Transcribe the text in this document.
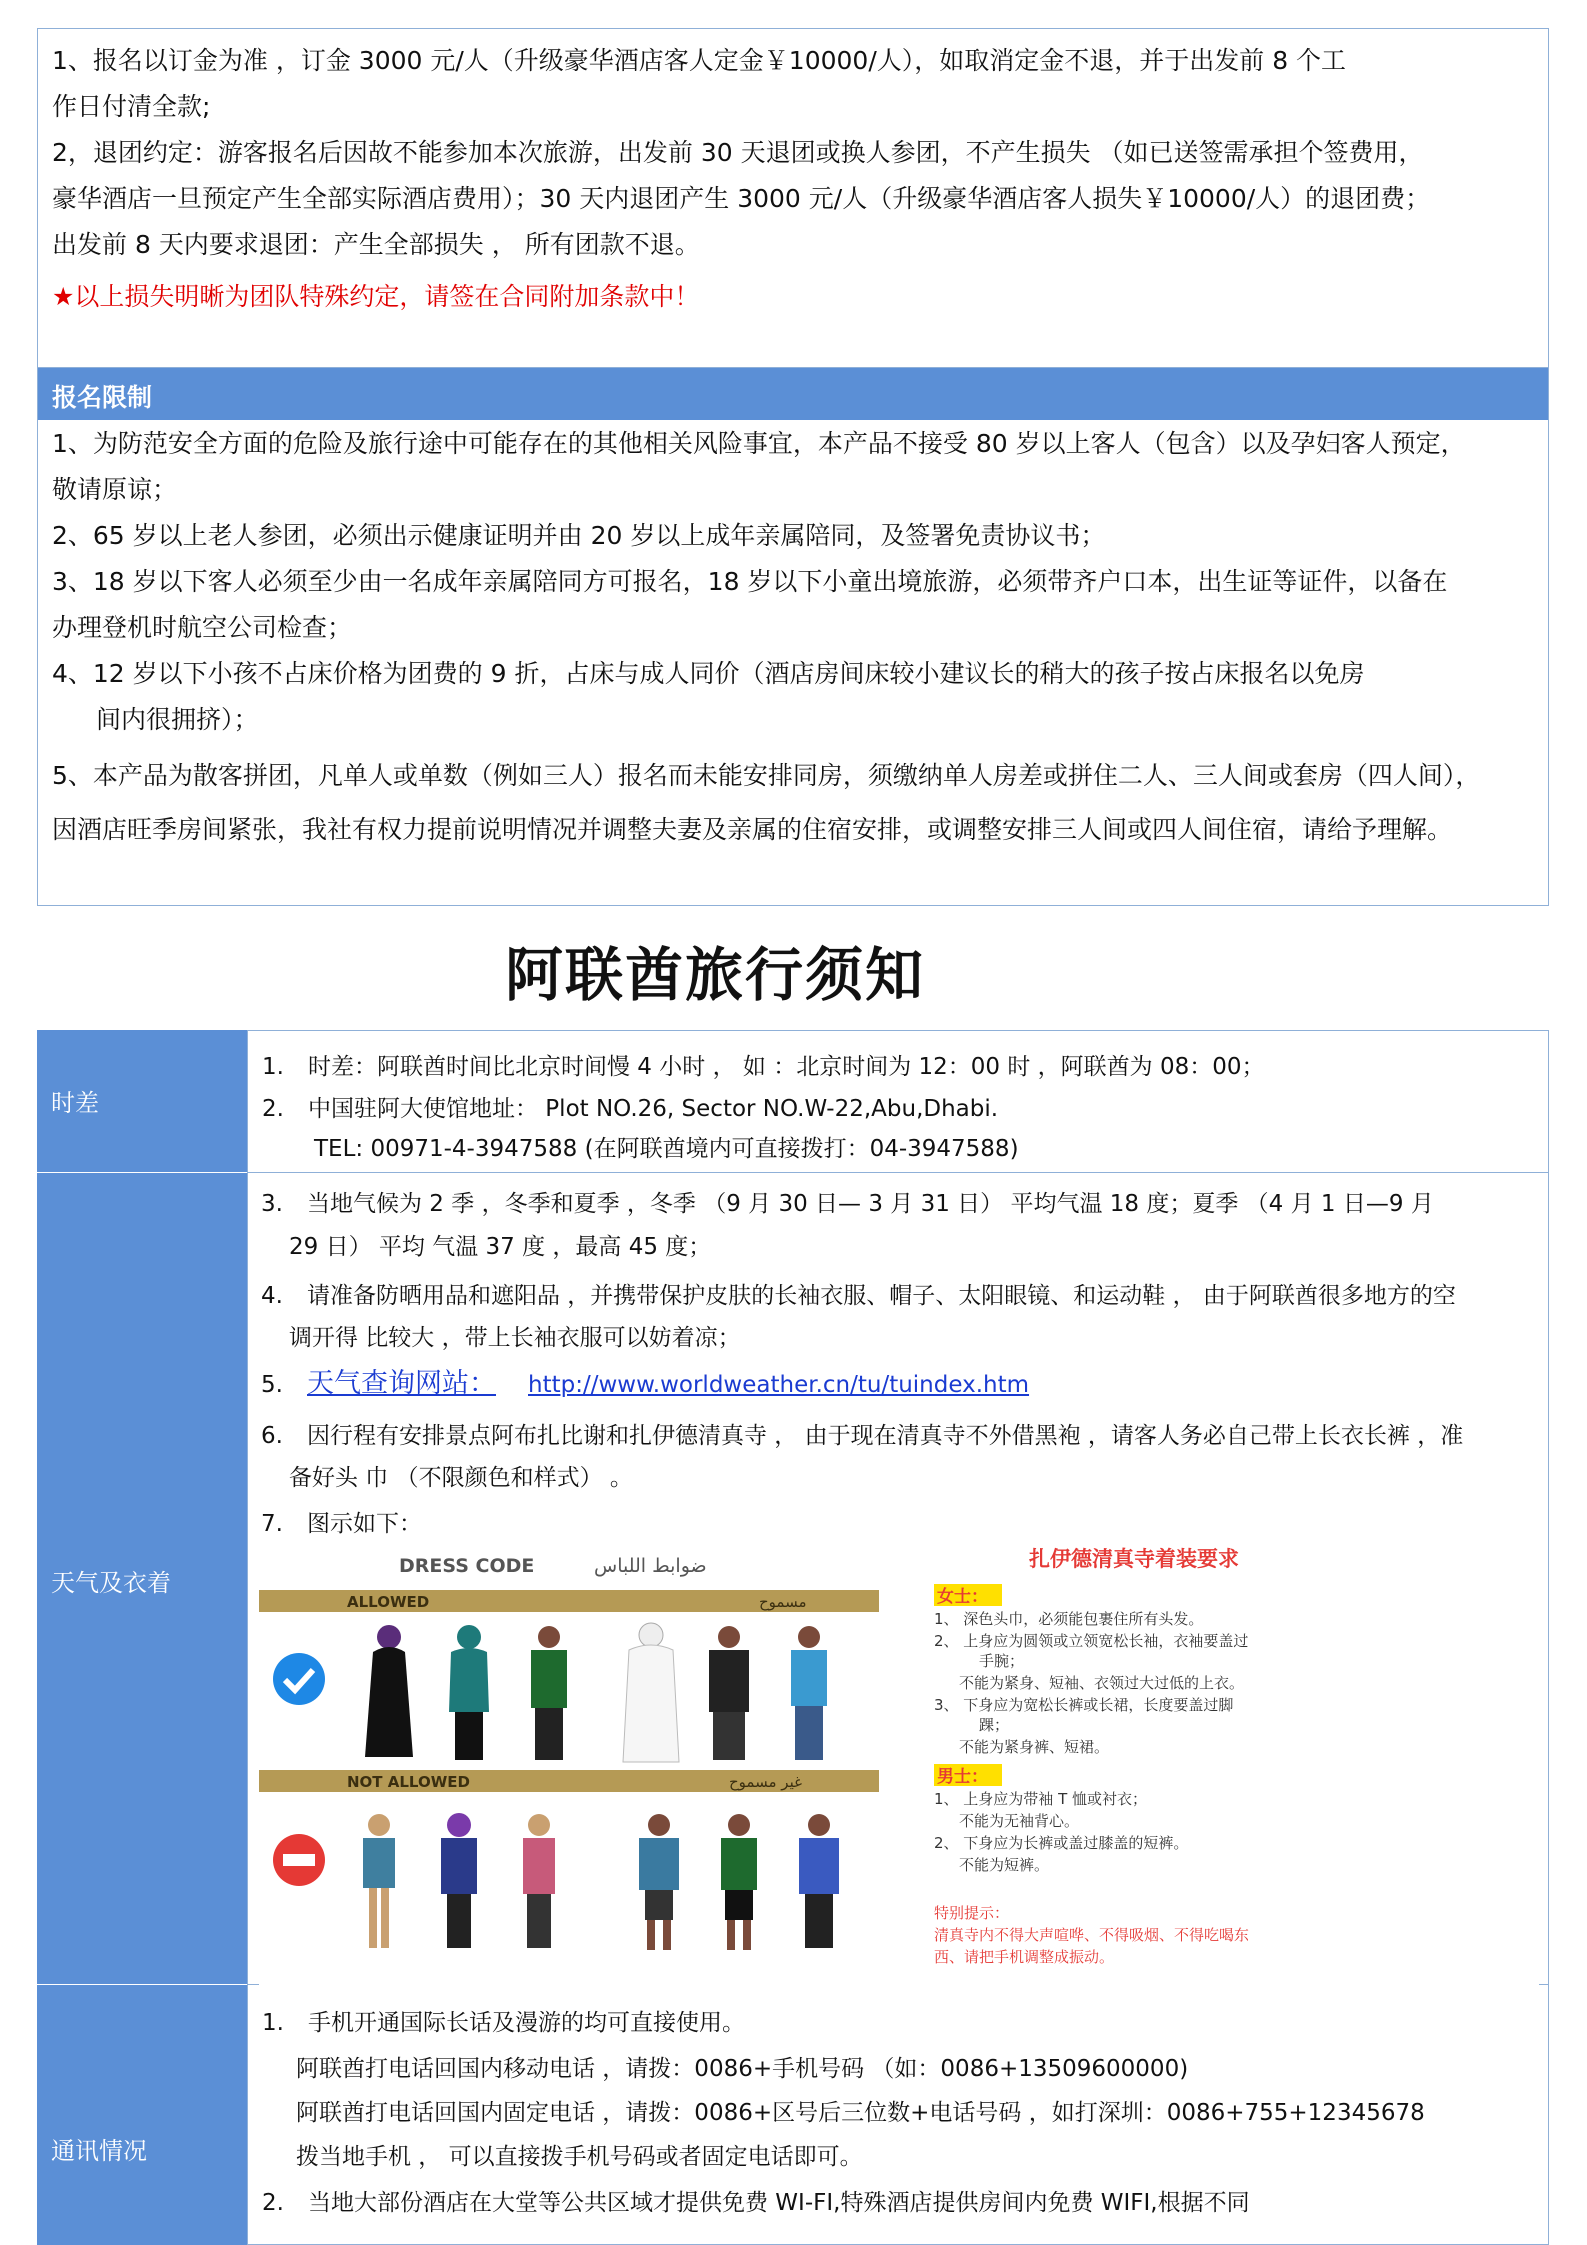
1、报名以订金为准 ，订金 3000 元/人（升级豪华酒店客人定金￥10000/人），如取消定金不退，并于出发前 8 个工
作日付清全款;
2，退团约定：游客报名后因故不能参加本次旅游，出发前 30 天退团或换人参团，不产生损失 （如已送签需承担个签费用，
豪华酒店一旦预定产生全部实际酒店费用）；30 天内退团产生 3000 元/人（升级豪华酒店客人损失￥10000/人）的退团费；
出发前 8 天内要求退团：产生全部损失 ， 所有团款不退。
★以上损失明晰为团队特殊约定，请签在合同附加条款中！
报名限制
1、为防范安全方面的危险及旅行途中可能存在的其他相关风险事宜，本产品不接受 80 岁以上客人（包含）以及孕妇客人预定，
敬请原谅；
2、65 岁以上老人参团，必须出示健康证明并由 20 岁以上成年亲属陪同，及签署免责协议书；
3、18 岁以下客人必须至少由一名成年亲属陪同方可报名，18 岁以下小童出境旅游，必须带齐户口本，出生证等证件，以备在
办理登机时航空公司检查；
4、12 岁以下小孩不占床价格为团费的 9 折，占床与成人同价（酒店房间床较小建议长的稍大的孩子按占床报名以免房
间内很拥挤）；
5、本产品为散客拼团，凡单人或单数（例如三人）报名而未能安排同房，须缴纳单人房差或拼住二人、三人间或套房（四人间），
因酒店旺季房间紧张，我社有权力提前说明情况并调整夫妻及亲属的住宿安排，或调整安排三人间或四人间住宿，请给予理解。
阿联酋旅行须知
时差
1. 时差：阿联酋时间比北京时间慢 4 小时 ， 如 ：北京时间为 12：00 时 ，阿联酋为 08：00；
2. 中国驻阿大使馆地址： Plot NO.26, Sector NO.W-22,Abu,Dhabi.
TEL: 00971-4-3947588 (在阿联酋境内可直接拨打：04-3947588)
天气及衣着
3. 当地气候为 2 季 ，冬季和夏季 ，冬季 （9 月 30 日— 3 月 31 日） 平均气温 18 度；夏季 （4 月 1 日—9 月
29 日） 平均 气温 37 度 ，最高 45 度；
4. 请准备防晒用品和遮阳品 ，并携带保护皮肤的长袖衣服、帽子、太阳眼镜、和运动鞋 ， 由于阿联酋很多地方的空
调开得 比较大 ，带上长袖衣服可以妨着凉；
5. 天气查询网站： http://www.worldweather.cn/tu/tuindex.htm
6. 因行程有安排景点阿布扎比谢和扎伊德清真寺 ， 由于现在清真寺不外借黑袍 ，请客人务必自己带上长衣长裤 ，准
备好头 巾 （不限颜色和样式） 。
7. 图示如下：
DRESS CODE	ضوابط اللباس
ALLOWED	مسموح
NOT ALLOWED	غير مسموح
扎伊德清真寺着装要求
女士：
1、 深色头巾，必须能包裹住所有头发。
2、 上身应为圆领或立领宽松长袖，衣袖要盖过
手腕；
不能为紧身、短袖、衣领过大过低的上衣。
3、 下身应为宽松长裤或长裙，长度要盖过脚
踝；
不能为紧身裤、短裙。
男士：
1、 上身应为带袖 T 恤或衬衣；
不能为无袖背心。
2、 下身应为长裤或盖过膝盖的短裤。
不能为短裤。
特别提示：
清真寺内不得大声喧哗、不得吸烟、不得吃喝东
西、请把手机调整成振动。
通讯情况
1. 手机开通国际长话及漫游的均可直接使用。
阿联酋打电话回国内移动电话 ，请拨：0086+手机号码 （如：0086+13509600000)
阿联酋打电话回国内固定电话 ，请拨：0086+区号后三位数+电话号码 ，如打深圳：0086+755+12345678
拨当地手机 ， 可以直接拨手机号码或者固定电话即可。
2. 当地大部份酒店在大堂等公共区域才提供免费 WI-FI,特殊酒店提供房间内免费 WIFI,根据不同
